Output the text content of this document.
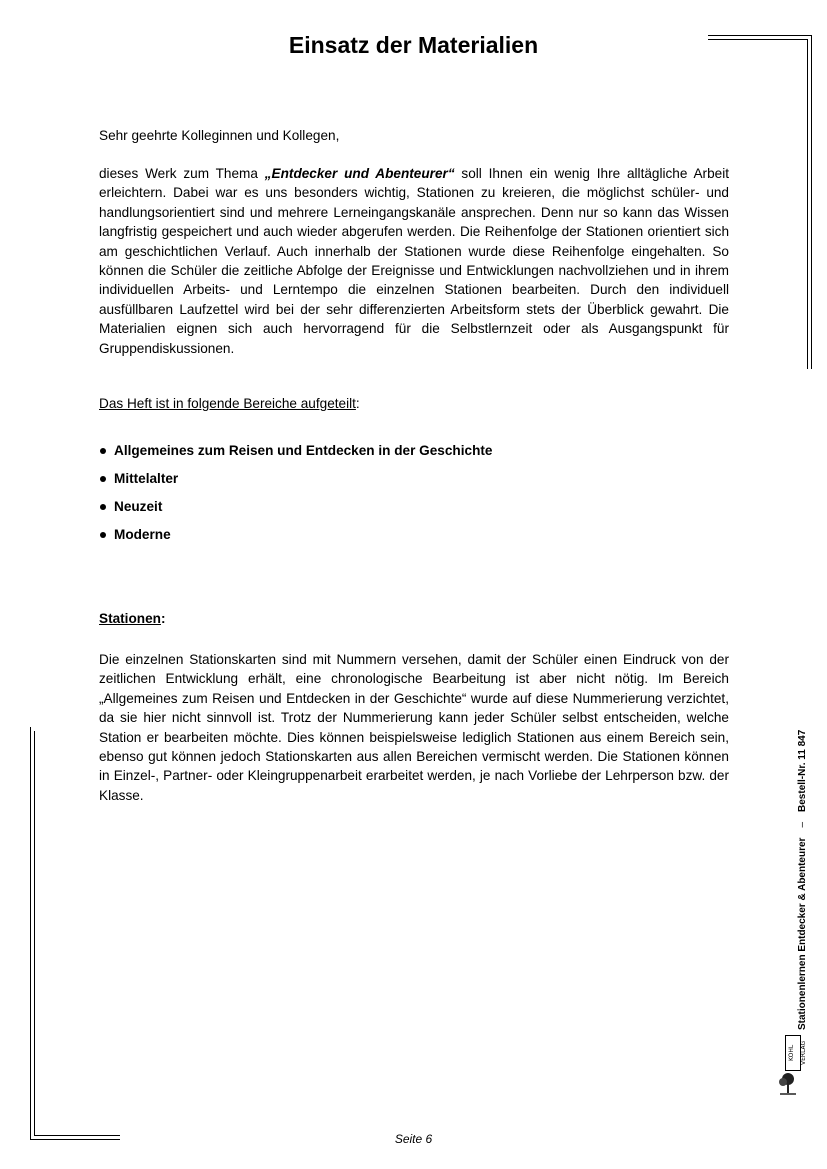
Einsatz der Materialien
Sehr geehrte Kolleginnen und Kollegen,

dieses Werk zum Thema „Entdecker und Abenteurer“ soll Ihnen ein wenig Ihre alltägliche Arbeit erleichtern. Dabei war es uns besonders wichtig, Stationen zu kreieren, die möglichst schüler- und handlungsorientiert sind und mehrere Lerneingangskanäle ansprechen. Denn nur so kann das Wissen langfristig gespeichert und auch wieder abgerufen werden. Die Reihenfolge der Stationen orientiert sich am geschichtlichen Verlauf. Auch innerhalb der Stationen wurde diese Reihenfolge eingehalten. So können die Schüler die zeitliche Abfolge der Ereignisse und Entwicklungen nachvollziehen und in ihrem individuellen Arbeits- und Lerntempo die einzelnen Stationen bearbeiten. Durch den individuell ausfüllbaren Laufzettel wird bei der sehr differenzierten Arbeitsform stets der Überblick gewahrt. Die Materialien eignen sich auch hervorragend für die Selbstlernzeit oder als Ausgangspunkt für Gruppendiskussionen.

Das Heft ist in folgende Bereiche aufgeteilt:
Allgemeines zum Reisen und Entdecken in der Geschichte
Mittelalter
Neuzeit
Moderne
Stationen:

Die einzelnen Stationskarten sind mit Nummern versehen, damit der Schüler einen Eindruck von der zeitlichen Entwicklung erhält, eine chronologische Bearbeitung ist aber nicht nötig. Im Bereich „Allgemeines zum Reisen und Entdecken in der Geschichte“ wurde auf diese Nummerierung verzichtet, da sie hier nicht sinnvoll ist. Trotz der Nummerierung kann jeder Schüler selbst entscheiden, welche Station er bearbeiten möchte. Dies können beispielsweise lediglich Stationen aus einem Bereich sein, ebenso gut können jedoch Stationskarten aus allen Bereichen vermischt werden. Die Stationen können in Einzel-, Partner- oder Kleingruppenarbeit erarbeitet werden, je nach Vorliebe der Lehrperson bzw. der Klasse.

Stationenlernen Entdecker & Abenteurer–Bestell-Nr. 11 847
KOHL VERLAG
Seite 6
